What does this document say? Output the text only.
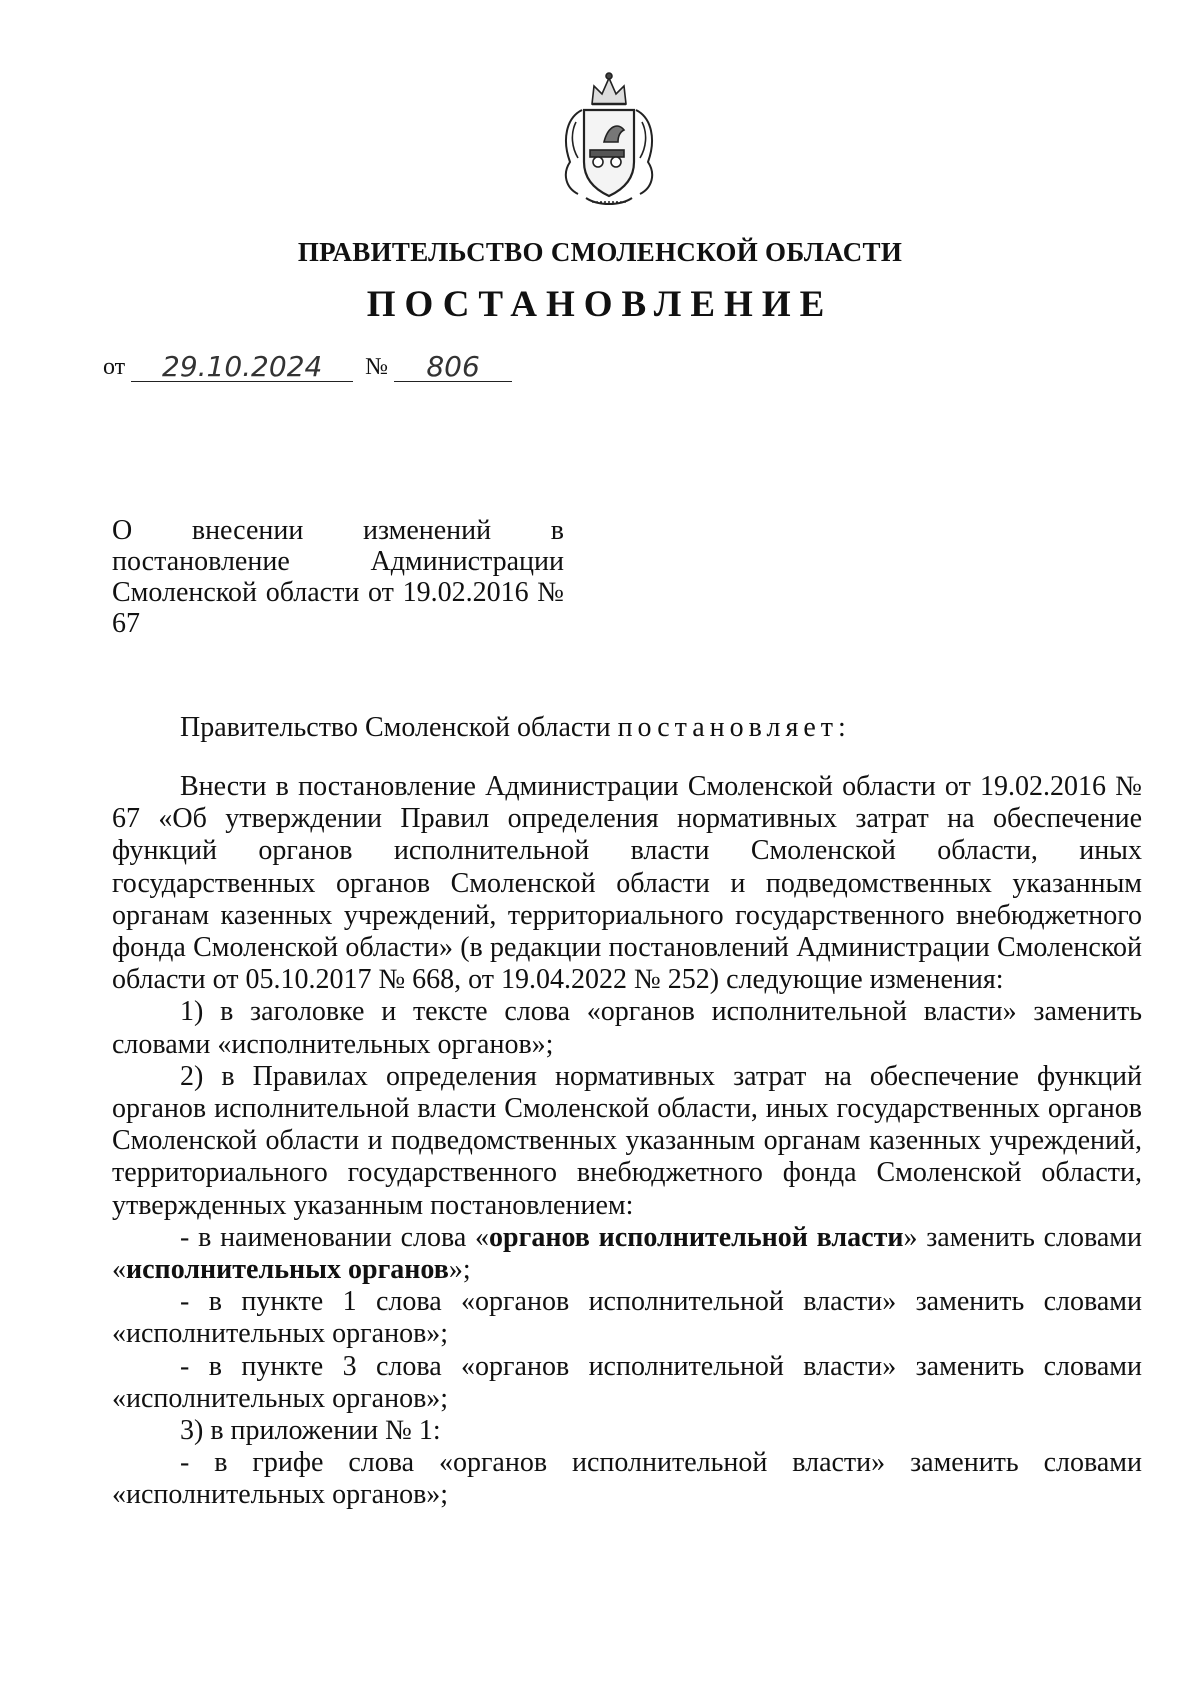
ПРАВИТЕЛЬСТВО СМОЛЕНСКОЙ ОБЛАСТИ
ПОСТАНОВЛЕНИЕ
от 29.10.2024 № 806
О внесении изменений в постановление Администрации Смоленской области от 19.02.2016 № 67
Правительство Смоленской области постановляет:

Внести в постановление Администрации Смоленской области от 19.02.2016 № 67 «Об утверждении Правил определения нормативных затрат на обеспечение функций органов исполнительной власти Смоленской области, иных государственных органов Смоленской области и подведомственных указанным органам казенных учреждений, территориального государственного внебюджетного фонда Смоленской области» (в редакции постановлений Администрации Смоленской области от 05.10.2017 № 668, от 19.04.2022 № 252) следующие изменения:

1) в заголовке и тексте слова «органов исполнительной власти» заменить словами «исполнительных органов»;

2) в Правилах определения нормативных затрат на обеспечение функций органов исполнительной власти Смоленской области, иных государственных органов Смоленской области и подведомственных указанным органам казенных учреждений, территориального государственного внебюджетного фонда Смоленской области, утвержденных указанным постановлением:

- в наименовании слова «органов исполнительной власти» заменить словами «исполнительных органов»;

- в пункте 1 слова «органов исполнительной власти» заменить словами «исполнительных органов»;

- в пункте 3 слова «органов исполнительной власти» заменить словами «исполнительных органов»;

3) в приложении № 1:

- в грифе слова «органов исполнительной власти» заменить словами «исполнительных органов»;
